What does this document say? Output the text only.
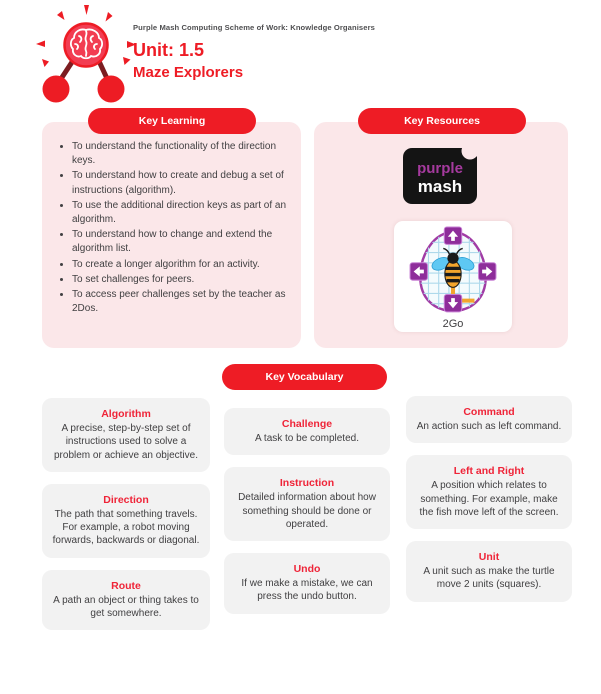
Purple Mash Computing Scheme of Work: Knowledge Organisers
Unit: 1.5
Maze Explorers
• To understand the functionality of the direction keys.
• To understand how to create and debug a set of instructions (algorithm).
• To use the additional direction keys as part of an algorithm.
• To understand how to change and extend the algorithm list.
• To create a longer algorithm for an activity.
• To set challenges for peers.
• To access peer challenges set by the teacher as 2Dos.
Key Learning	Key Resources
purple
mash
2Go
Key Vocabulary
Algorithm
A precise, step-by-step set of instructions used to solve a problem or achieve an objective.
Direction
The path that something travels. For example, a robot moving forwards, backwards or diagonal.
Route
A path an object or thing takes to get somewhere.
Challenge
A task to be completed.
Instruction
Detailed information about how something should be done or operated.
Undo
If we make a mistake, we can press the undo button.
Command
An action such as left command.
Left and Right
A position which relates to something. For example, make the fish move left of the screen.
Unit
A unit such as make the turtle move 2 units (squares).
